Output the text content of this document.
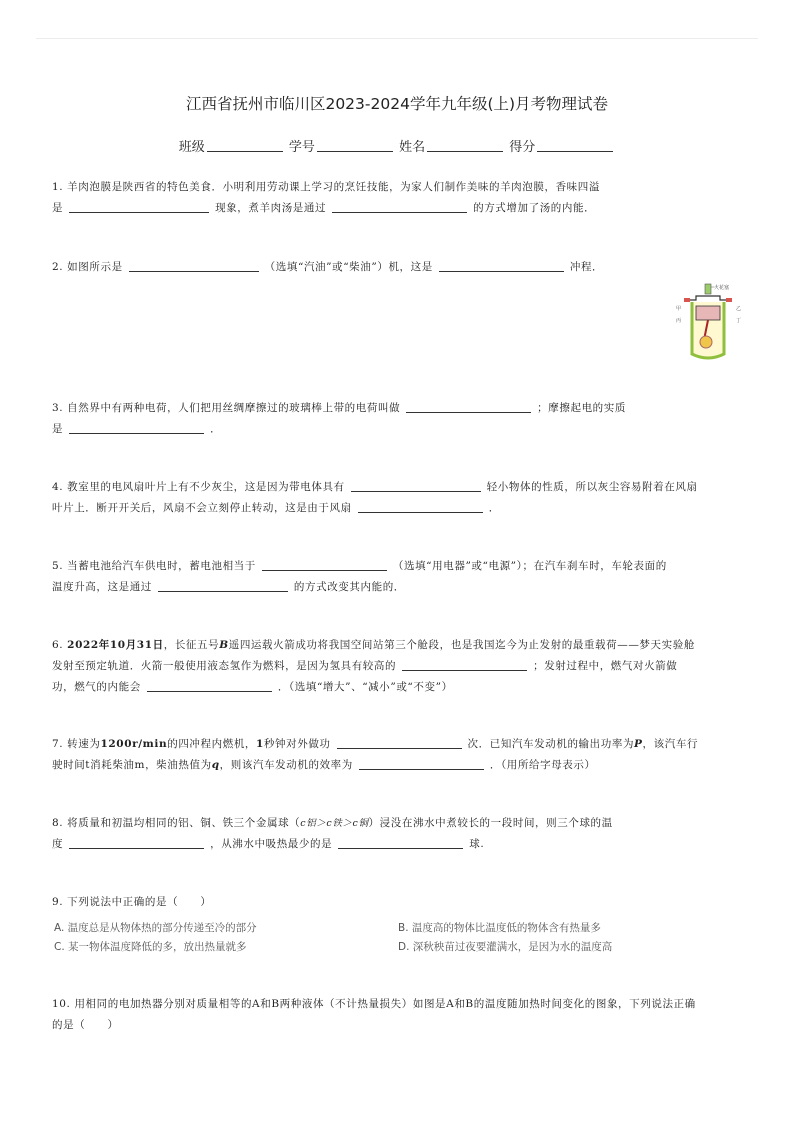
江西省抚州市临川区2023-2024学年九年级(上)月考物理试卷
班级	学号	姓名	得分
1. 羊肉泡膜是陕西省的特色美食．小明利用劳动课上学习的烹饪技能，为家人们制作美味的羊肉泡膜，香味四溢
是	现象，煮羊肉汤是通过	的方式增加了汤的内能．
2. 如图所示是	（选填“汽油”或“柴油”）机，这是	冲程．
火花塞
甲	乙
丙	丁
3. 自然界中有两种电荷，人们把用丝绸摩擦过的玻璃棒上带的电荷叫做	；摩擦起电的实质
是	．
4. 教室里的电风扇叶片上有不少灰尘，这是因为带电体具有	轻小物体的性质，所以灰尘容易附着在风扇
叶片上．断开开关后，风扇不会立刻停止转动，这是由于风扇	．
5. 当蓄电池给汽车供电时，蓄电池相当于	（选填“用电器”或“电源”）；在汽车刹车时，车轮表面的
温度升高，这是通过	的方式改变其内能的．
6. 2022年10月31日，长征五号B遥四运载火箭成功将我国空间站第三个舱段，也是我国迄今为止发射的最重载荷——梦天实验舱
发射至预定轨道．火箭一般使用液态氢作为燃料，是因为氢具有较高的	；发射过程中，燃气对火箭做
功，燃气的内能会	．（选填“增大”、“减小”或“不变”）
7. 转速为1200r/min的四冲程内燃机，1秒钟对外做功	次．已知汽车发动机的输出功率为P，该汽车行
驶时间t消耗柴油m，柴油热值为q，则该汽车发动机的效率为	．（用所给字母表示）
8. 将质量和初温均相同的铝、铜、铁三个金属球（c铝＞c铁＞c铜）浸没在沸水中煮较长的一段时间，则三个球的温
度	，从沸水中吸热最少的是	球.
9. 下列说法中正确的是（　　）
A. 温度总是从物体热的部分传递至冷的部分	B. 温度高的物体比温度低的物体含有热量多
C. 某一物体温度降低的多，放出热量就多	D. 深秋秧苗过夜要灌满水，是因为水的温度高
10. 用相同的电加热器分别对质量相等的A和B两种液体（不计热量损失）如图是A和B的温度随加热时间变化的图象，下列说法正确
的是（　　）
